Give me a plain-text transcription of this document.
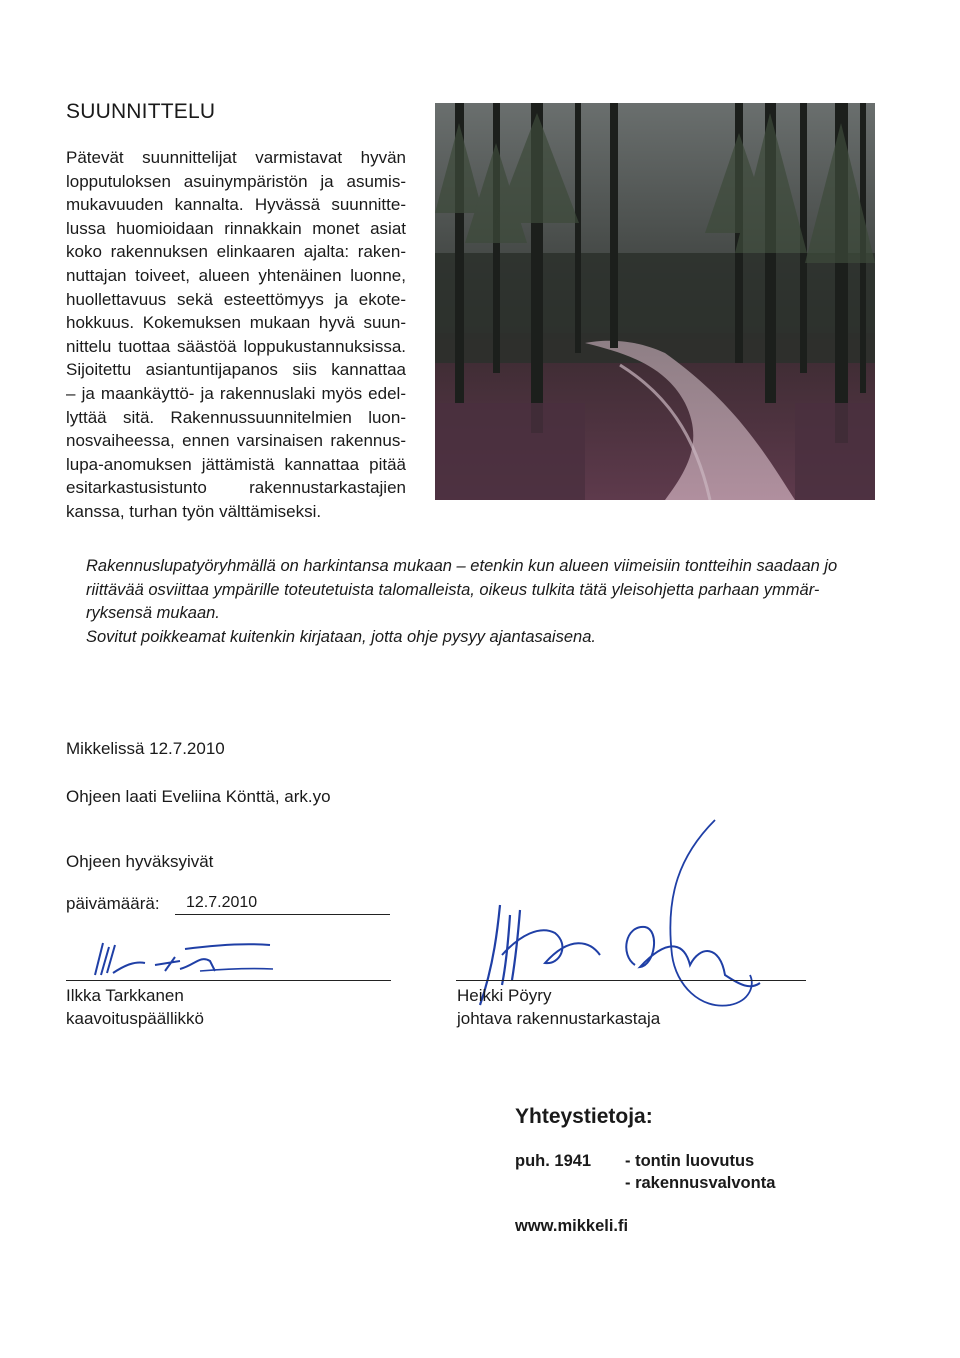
SUUNNITTELU
Pätevät suunnittelijat varmistavat hyvän
lopputuloksen asuinympäristön ja asumis-
mukavuuden kannalta. Hyvässä suunnitte-
lussa huomioidaan rinnakkain monet asiat
koko rakennuksen elinkaaren ajalta: raken-
nuttajan toiveet, alueen yhtenäinen luonne,
huollettavuus sekä esteettömyys ja ekote-
hokkuus. Kokemuksen mukaan hyvä suun-
nittelu tuottaa säästöä loppukustannuksissa.
Sijoitettu asiantuntijapanos siis kannattaa
– ja maankäyttö- ja rakennuslaki myös edel-
lyttää sitä. Rakennussuunnitelmien luon-
nosvaiheessa, ennen varsinaisen rakennus-
lupa-anomuksen jättämistä kannattaa pitää
esitarkastusistunto rakennustarkastajien
kanssa, turhan työn välttämiseksi.

Rakennuslupatyöryhmällä on harkintansa mukaan – etenkin kun alueen viimeisiin tontteihin saadaan jo riittävää osviittaa ympärille toteutetuista talomalleista, oikeus tulkita tätä yleisohjetta parhaan ymmär-ryksensä mukaan.

Sovitut poikkeamat kuitenkin kirjataan, jotta ohje pysyy ajantasaisena.

Mikkelissä 12.7.2010
Ohjeen laati Eveliina Könttä, ark.yo
Ohjeen hyväksyivät
päivämäärä: 12.7.2010
Ilkka Tarkkanen
kaavoituspäällikkö
Heikki Pöyry
johtava rakennustarkastaja
Yhteystietoja:
puh. 1941 - tontin luovutus
- rakennusvalvonta
www.mikkeli.fi
